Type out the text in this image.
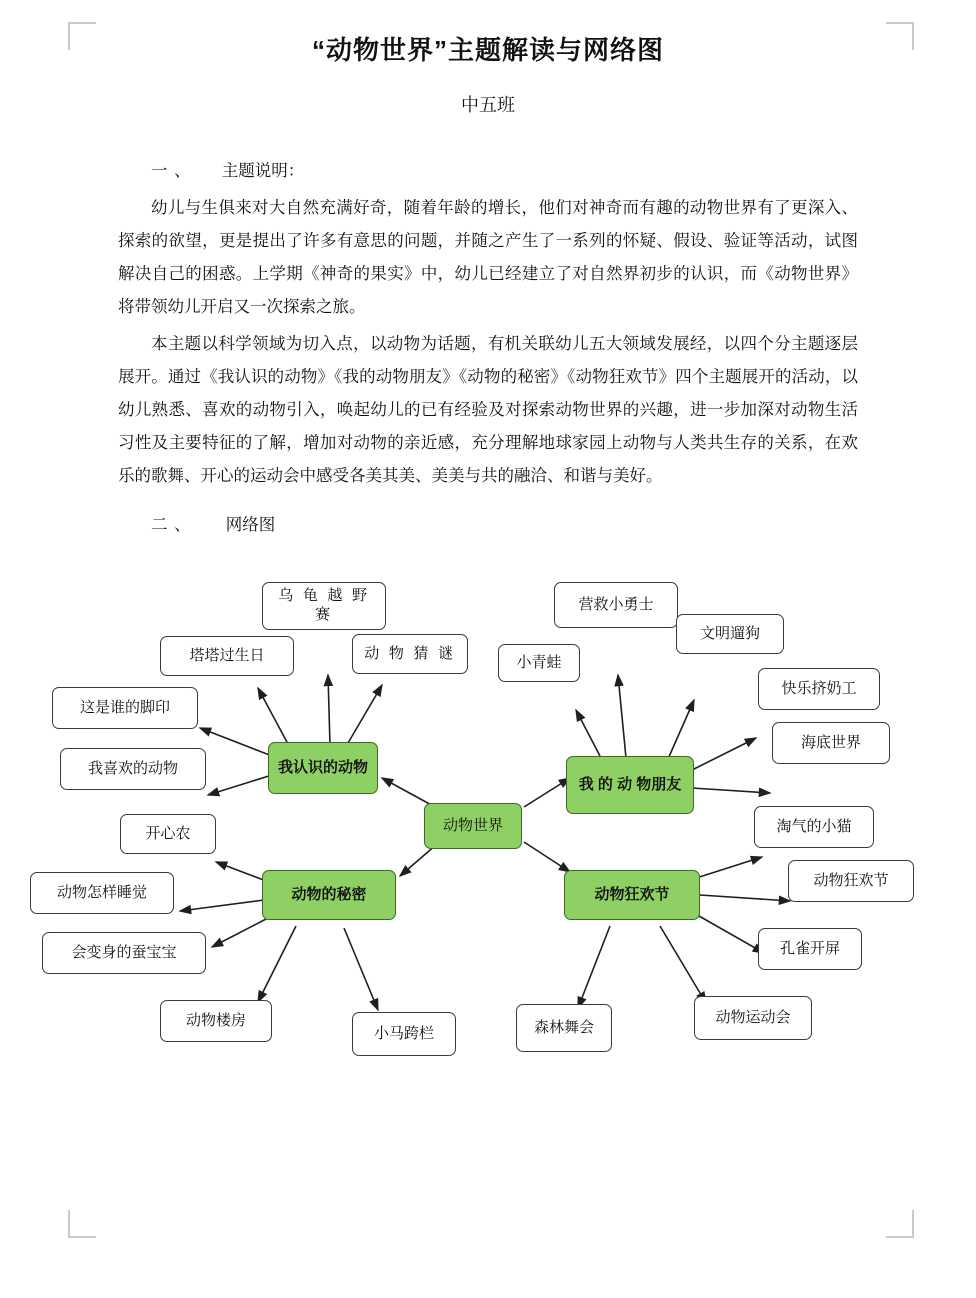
“动物世界”主题解读与网络图
中五班
一、 主题说明：
幼儿与生俱来对大自然充满好奇，随着年龄的增长，他们对神奇而有趣的动物世界有了更深入、探索的欲望，更是提出了许多有意思的问题，并随之产生了一系列的怀疑、假设、验证等活动，试图解决自己的困惑。上学期《神奇的果实》中，幼儿已经建立了对自然界初步的认识，而《动物世界》将带领幼儿开启又一次探索之旅。
本主题以科学领域为切入点，以动物为话题，有机关联幼儿五大领域发展经，以四个分主题逐层展开。通过《我认识的动物》《我的动物朋友》《动物的秘密》《动物狂欢节》四个主题展开的活动，以幼儿熟悉、喜欢的动物引入，唤起幼儿的已有经验及对探索动物世界的兴趣，进一步加深对动物生活习性及主要特征的了解，增加对动物的亲近感，充分理解地球家园上动物与人类共生存的关系，在欢乐的歌舞、开心的运动会中感受各美其美、美美与共的融洽、和谐与美好。
二、 网络图
动物世界
我认识的动物
乌 龟 越 野 赛
动 物 猜 谜
塔塔过生日
这是谁的脚印
我喜欢的动物
我 的 动 物朋友
营救小勇士
小青蛙
文明遛狗
快乐挤奶工
海底世界
动物的秘密
开心农
动物怎样睡觉
会变身的蚕宝宝
动物楼房
小马跨栏
动物狂欢节
淘气的小猫
动物狂欢节
孔雀开屏
动物运动会
森林舞会
